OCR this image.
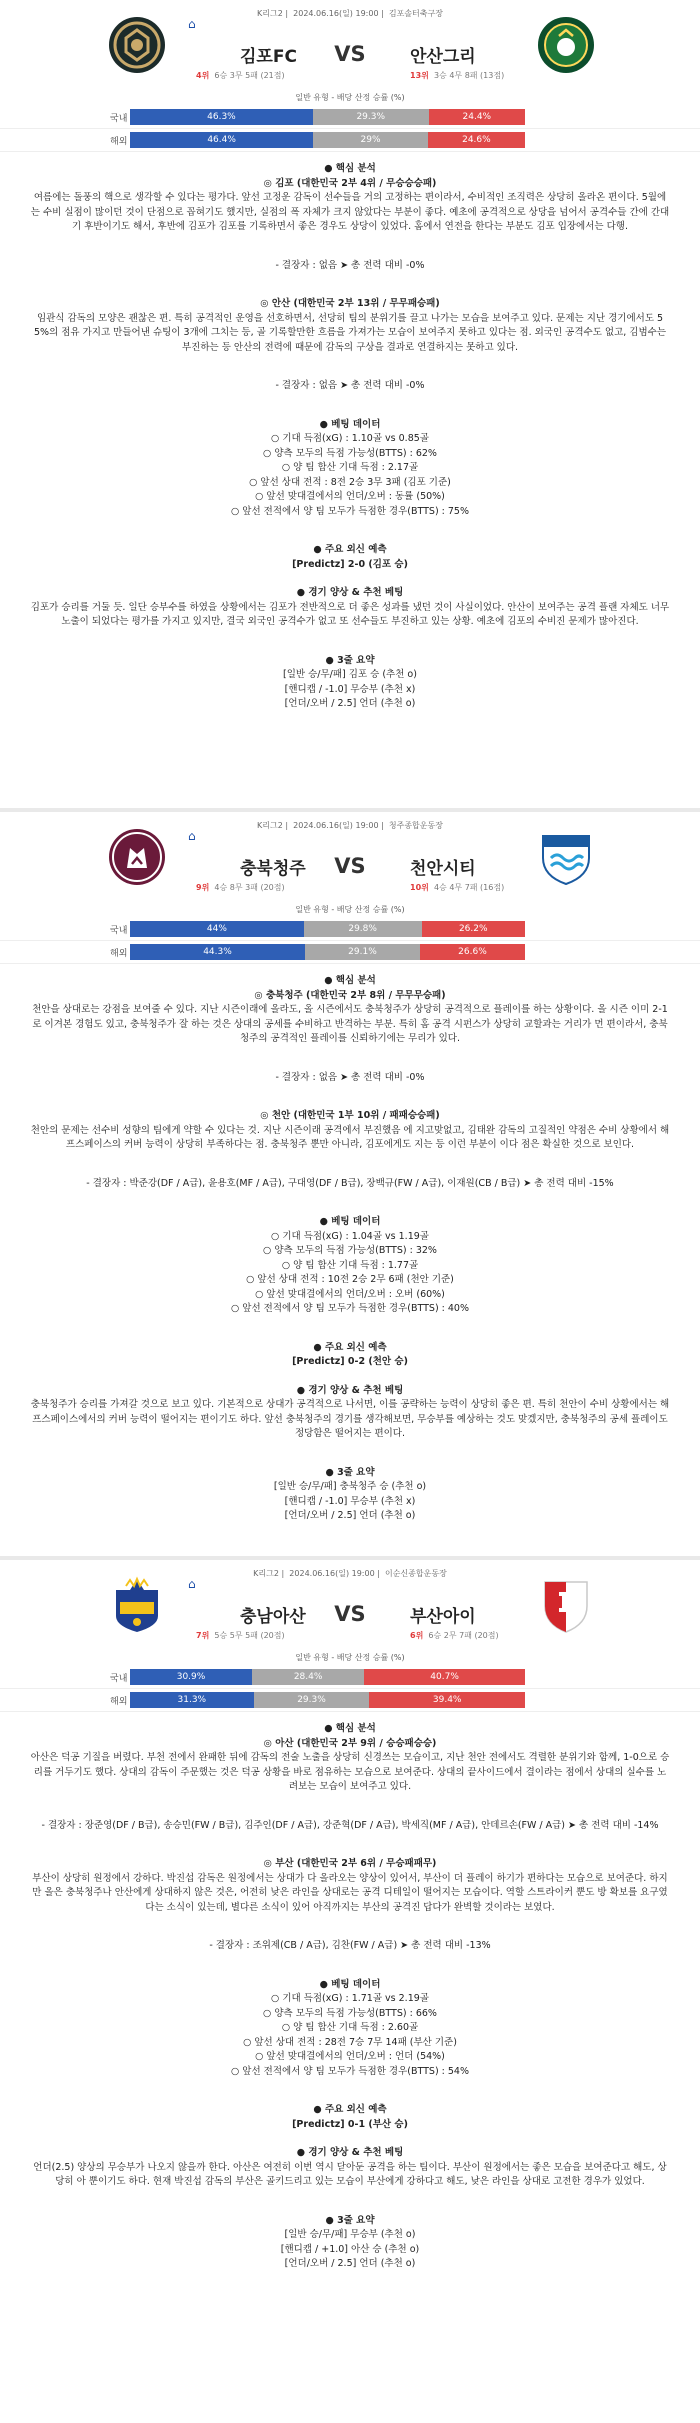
K리그2 |  2024.06.16(일) 19:00 |  김포솔터축구장
⌂
김포FC	VS	안산그리
4위 6승 3무 5패 (21점)	13위 3승 4무 8패 (13점)
일반 유형 - 배당 산정 승률 (%)
국내	46.3%	29.3%	24.4%
해외	46.4%	29%	24.6%
● 핵심 분석
◎ 김포 (대한민국 2부 4위 / 무승승승패)

여름에는 돌풍의 핵으로 생각할 수 있다는 평가다. 앞선 고정운 감독이 선수들을 거의 고정하는 편이라서, 수비적인 조직력은 상당히 올라온 편이다. 5월에는 수비 실점이 많이던 것이 단점으로 꼽혀기도 했지만, 실점의 폭 자체가 크지 않았다는 부분이 좋다. 예초에 공격적으로 상당을 넘어서 공격수들 간에 간대기 후반이기도 해서, 후반에 김포가 김포를 기록하면서 좋은 경우도 상당이 있었다. 홈에서 연전을 한다는 부분도 김포 입장에서는 다행.

- 결장자 : 없음 ➤ 총 전력 대비 -0%

◎ 안산 (대한민국 2부 13위 / 무무패승패)

임관식 감독의 모양은 괜찮은 편. 특히 공격적인 운영을 선호하면서, 선당히 팀의 분위기를 끌고 나가는 모습을 보여주고 있다. 문제는 지난 경기에서도 5 5%의 점유 가지고 만들어낸 슈팅이 3개에 그치는 등, 골 기록할만한 흐름을 가져가는 모습이 보여주지 못하고 있다는 점. 외국인 공격수도 없고, 김범수는 부진하는 등 안산의 전력에 때문에 감독의 구상을 결과로 연결하지는 못하고 있다.

- 결장자 : 없음 ➤ 총 전력 대비 -0%

● 베팅 데이터
○ 기대 득점(xG) : 1.10골 vs 0.85골
○ 양측 모두의 득점 가능성(BTTS) : 62%
○ 양 팀 합산 기대 득점 : 2.17골
○ 앞선 상대 전적 : 8전 2승 3무 3패 (김포 기준)
○ 앞선 맞대결에서의 언더/오버 : 동률 (50%)
○ 앞선 전적에서 양 팀 모두가 득점한 경우(BTTS) : 75%
● 주요 외신 예측
[Predictz] 2-0 (김포 승)
● 경기 양상 & 추천 베팅

김포가 승리를 거둘 듯. 일단 승부수를 하였을 상황에서는 김포가 전반적으로 더 좋은 성과를 냈던 것이 사실이었다. 안산이 보여주는 공격 플랜 자체도 너무 노출이 되었다는 평가를 가지고 있지만, 결국 외국인 공격수가 없고 또 선수들도 부진하고 있는 상황. 예초에 김포의 수비진 문제가 많아진다.

● 3줄 요약
[일반 승/무/패] 김포 승 (추천 o)
[핸디캡 / -1.0] 무승부 (추천 x)
[언더/오버 / 2.5] 언더 (추천 o)
K리그2 |  2024.06.16(일) 19:00 |  청주종합운동장
⌂
충북청주	VS	천안시티
9위 4승 8무 3패 (20점)	10위 4승 4무 7패 (16점)
일반 유형 - 배당 산정 승률 (%)
국내	44%	29.8%	26.2%
해외	44.3%	29.1%	26.6%
● 핵심 분석
◎ 충북청주 (대한민국 2부 8위 / 무무무승패)

천안을 상대로는 강점을 보여줄 수 있다. 지난 시즌이래에 올라도, 올 시즌에서도 충북청주가 상당히 공격적으로 플레이를 하는 상황이다. 올 시즌 이미 2-1로 이겨본 경험도 있고, 충북청주가 잘 하는 것은 상대의 공세를 수비하고 반격하는 부분. 특히 홈 공격 시펀스가 상당히 교할과는 거리가 먼 편이라서, 충북청주의 공격적인 플레이를 신뢰하기에는 무리가 있다.

- 결장자 : 없음 ➤ 총 전력 대비 -0%

◎ 천안 (대한민국 1부 10위 / 패패승승패)

천안의 문제는 선수비 성향의 팀에게 약할 수 있다는 것. 지난 시즌이래 공격에서 부진했음 에 지고맞없고, 김태완 감독의 고질적인 약점은 수비 상황에서 해프스페이스의 커버 능력이 상당히 부족하다는 점. 충북청주 뿐만 아니라, 김포에게도 지는 등 이런 부분이 이다 점은 확실한 것으로 보인다.

- 결장자 : 박준강(DF / A급), 윤용호(MF / A급), 구대영(DF / B급), 장백규(FW / A급), 이재원(CB / B급) ➤ 총 전력 대비 -15%

● 베팅 데이터
○ 기대 득점(xG) : 1.04골 vs 1.19골
○ 양측 모두의 득점 가능성(BTTS) : 32%
○ 양 팀 합산 기대 득점 : 1.77골
○ 앞선 상대 전적 : 10전 2승 2무 6패 (천안 기준)
○ 앞선 맞대결에서의 언더/오버 : 오버 (60%)
○ 앞선 전적에서 양 팀 모두가 득점한 경우(BTTS) : 40%
● 주요 외신 예측
[Predictz] 0-2 (천안 승)
● 경기 양상 & 추천 베팅

충북청주가 승리를 가져갈 것으로 보고 있다. 기본적으로 상대가 공격적으로 나서면, 이를 공략하는 능력이 상당히 좋은 편. 특히 천안이 수비 상황에서는 해프스페이스에서의 커버 능력이 떨어지는 편이기도 하다. 앞선 충북청주의 경기를 생각해보면, 무승부를 예상하는 것도 맞겠지만, 충북청주의 공세 플레이도 정당함은 떨어지는 편이다.

● 3줄 요약
[일반 승/무/패] 충북청주 승 (추천 o)
[핸디캡 / -1.0] 무승부 (추천 x)
[언더/오버 / 2.5] 언더 (추천 o)
K리그2 |  2024.06.16(일) 19:00 |  이순신종합운동장
⌂
충남아산	VS	부산아이
7위 5승 5무 5패 (20점)	6위 6승 2무 7패 (20점)
일반 유형 - 배당 산정 승률 (%)
국내	30.9%	28.4%	40.7%
해외	31.3%	29.3%	39.4%
● 핵심 분석
◎ 아산 (대한민국 2부 9위 / 승승패승승)

아산은 덕공 기질을 버렸다. 부천 전에서 완패한 뒤에 감독의 전술 노출을 상당히 신경쓰는 모습이고, 지난 천안 전에서도 격렬한 분위기와 함께, 1-0으로 승리를 거두기도 했다. 상대의 감독이 주문했는 것은 덕공 상황을 바로 점유하는 모습으로 보여준다. 상대의 끝사이드에서 결이라는 점에서 상대의 실수를 노려보는 모습이 보여주고 있다.

- 결장자 : 장준영(DF / B급), 송승민(FW / B급), 김주인(DF / A급), 강준혁(DF / A급), 박세직(MF / A급), 안데르손(FW / A급) ➤ 총 전력 대비 -14%

◎ 부산 (대한민국 2부 6위 / 무승패패무)

부산이 상당히 원정에서 강하다. 박진섭 감독은 원정에서는 상대가 다 올라오는 양상이 있어서, 부산이 더 플레이 하기가 편하다는 모습으로 보여준다. 하지만 올은 충북청주나 안산에게 상대하지 않은 것은, 어전히 낮은 라인을 상대로는 공격 디테일이 떨어지는 모습이다. 역할 스트라이커 뿐도 방 확보를 요구였다는 소식이 있는데, 별다른 소식이 있어 아직까지는 부산의 공격진 답다가 완벽할 것이라는 보였다.

- 결장자 : 조위제(CB / A급), 김찬(FW / A급) ➤ 총 전력 대비 -13%

● 베팅 데이터
○ 기대 득점(xG) : 1.71골 vs 2.19골
○ 양측 모두의 득점 가능성(BTTS) : 66%
○ 양 팀 합산 기대 득점 : 2.60골
○ 앞선 상대 전적 : 28전 7승 7무 14패 (부산 기준)
○ 앞선 맞대결에서의 언더/오버 : 언더 (54%)
○ 앞선 전적에서 양 팀 모두가 득점한 경우(BTTS) : 54%
● 주요 외신 예측
[Predictz] 0-1 (부산 승)
● 경기 양상 & 추천 베팅

언더(2.5) 양상의 무승부가 나오지 않을까 한다. 아산은 여전히 이번 역시 닫아둔 공격을 하는 팀이다. 부산이 원정에서는 좋은 모습을 보여준다고 해도, 상당히 아 뿐이기도 하다. 현재 박진섭 감독의 부산은 골키드리고 있는 모습이 부산에게 강하다고 해도, 낮은 라인을 상대로 고전한 경우가 있었다.

● 3줄 요약
[일반 승/무/패] 무승부 (추천 o)
[핸디캡 / +1.0] 아산 승 (추천 o)
[언더/오버 / 2.5] 언더 (추천 o)
